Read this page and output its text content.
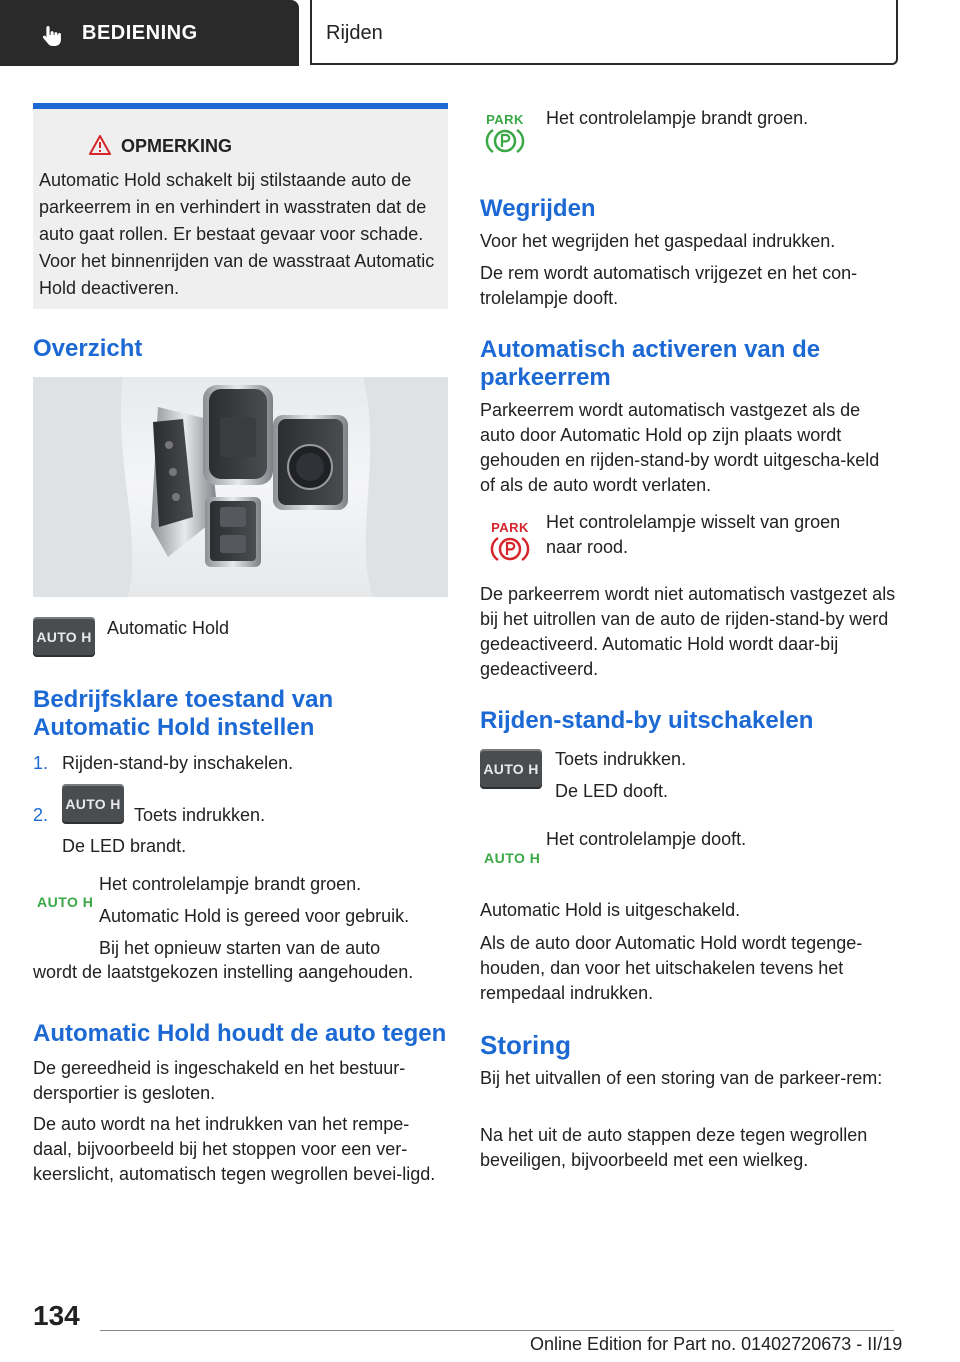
BEDIENING	Rijden
OPMERKING
Automatic Hold schakelt bij stilstaande auto de parkeerrem in en verhindert in wasstraten dat de auto gaat rollen. Er bestaat gevaar voor schade. Voor het binnenrijden van de wasstraat Automatic Hold deactiveren.
Overzicht
AUTO H Automatic Hold
Bedrijfsklare toestand van
Automatic Hold instellen
1. Rijden-stand-by inschakelen.
2.
AUTO H
Toets indrukken.
De LED brandt.
AUTO H
Het controlelampje brandt groen.
Automatic Hold is gereed voor gebruik.
Bij het opnieuw starten van de auto
wordt de laatstgekozen instelling aangehouden.
Automatic Hold houdt de auto tegen
De gereedheid is ingeschakeld en het bestuur-dersportier is gesloten.
De auto wordt na het indrukken van het rempe-daal, bijvoorbeeld bij het stoppen voor een ver-keerslicht, automatisch tegen wegrollen bevei-ligd.
PARK Het controlelampje brandt groen.
Wegrijden
Voor het wegrijden het gaspedaal indrukken.
De rem wordt automatisch vrijgezet en het con-trolelampje dooft.
Automatisch activeren van de
parkeerrem
Parkeerrem wordt automatisch vastgezet als de auto door Automatic Hold op zijn plaats wordt gehouden en rijden-stand-by wordt uitgescha-keld of als de auto wordt verlaten.
PARK Het controlelampje wisselt van groen naar rood.
De parkeerrem wordt niet automatisch vastgezet als bij het uitrollen van de auto de rijden-stand-by werd gedeactiveerd. Automatic Hold wordt daar-bij gedeactiveerd.
Rijden-stand-by uitschakelen
AUTO H Toets indrukken.
De LED dooft.
AUTO H
Het controlelampje dooft.
Automatic Hold is uitgeschakeld.
Als de auto door Automatic Hold wordt tegenge-houden, dan voor het uitschakelen tevens het rempedaal indrukken.
Storing
Bij het uitvallen of een storing van de parkeer-rem:
Na het uit de auto stappen deze tegen wegrollen beveiligen, bijvoorbeeld met een wielkeg.
134
Online Edition for Part no. 01402720673 - II/19
